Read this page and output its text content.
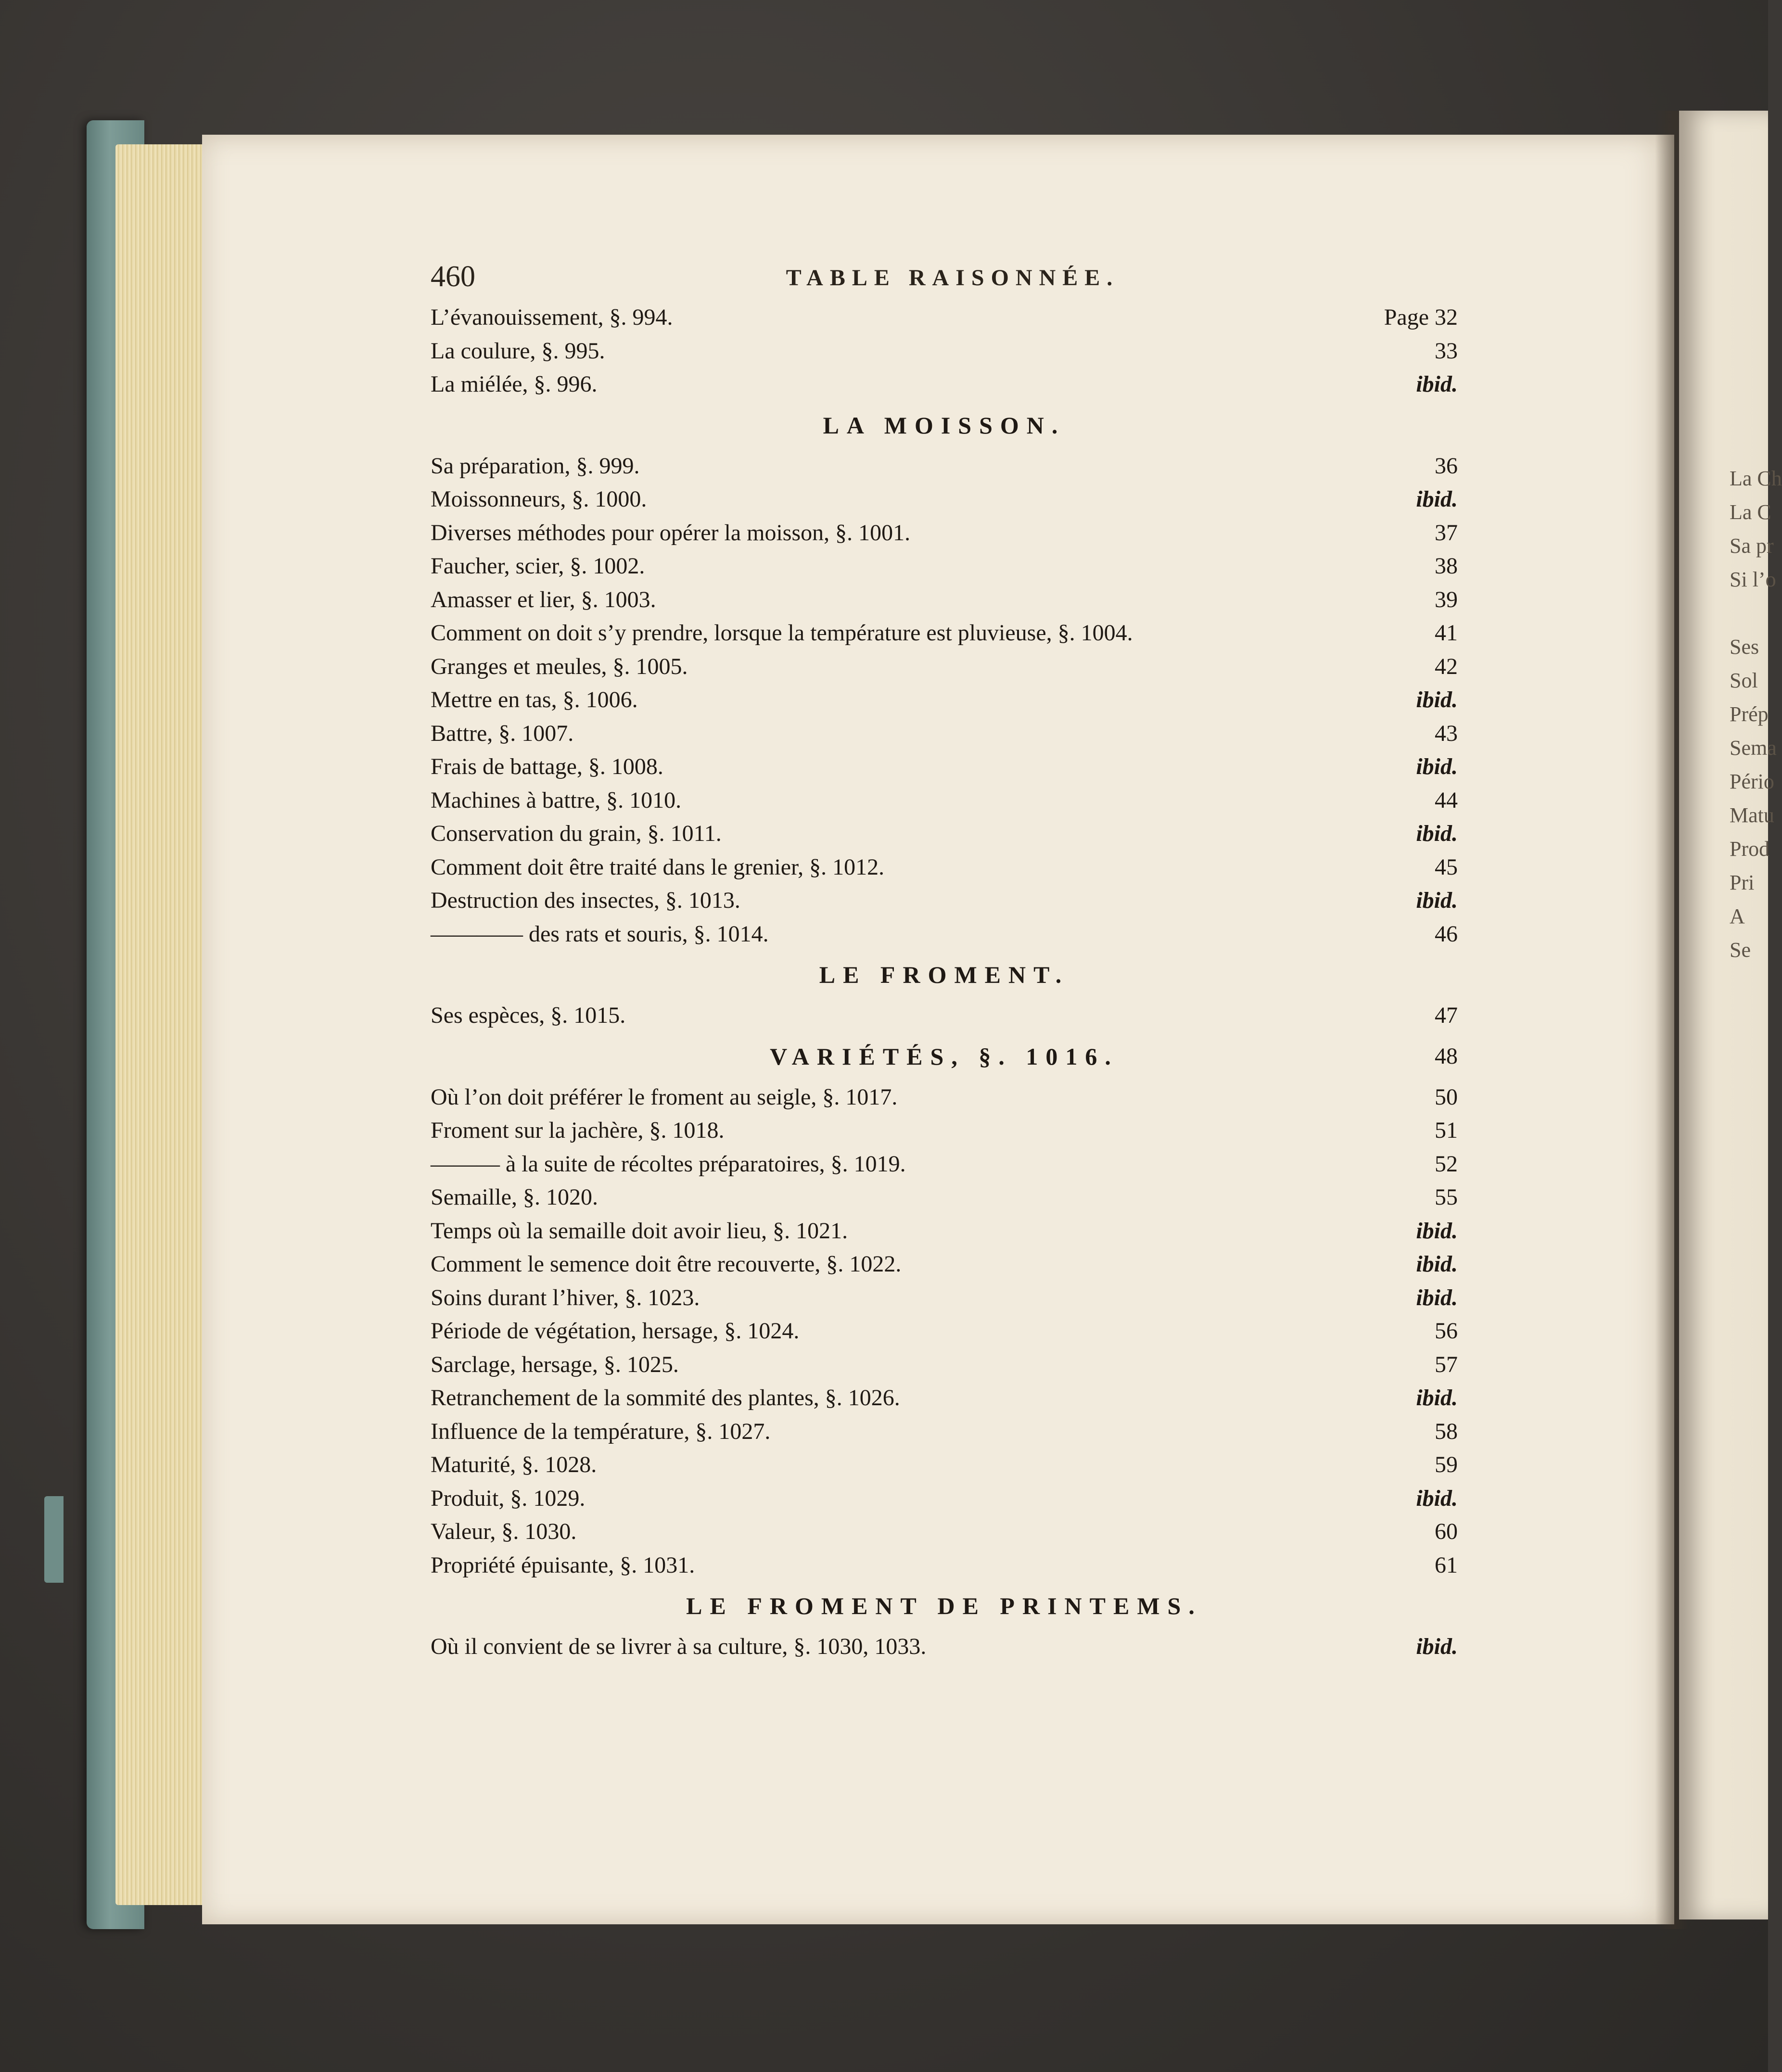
La Ch
La C
Sa pr
Si l’o

Ses
Sol
Prép
Sema
Pério
Matu
Prod
Pri
A
Se
460	TABLE RAISONNÉE.
L’évanouissement, §. 994.	Page 32
La coulure, §. 995.	33
La miélée, §. 996.	ibid.
LA MOISSON.
Sa préparation, §. 999.	36
Moissonneurs, §. 1000.	ibid.
Diverses méthodes pour opérer la moisson, §. 1001.	37
Faucher, scier, §. 1002.	38
Amasser et lier, §. 1003.	39
Comment on doit s’y prendre, lorsque la température est pluvieuse, §. 1004.	41
Granges et meules, §. 1005.	42
Mettre en tas, §. 1006.	ibid.
Battre, §. 1007.	43
Frais de battage, §. 1008.	ibid.
Machines à battre, §. 1010.	44
Conservation du grain, §. 1011.	ibid.
Comment doit être traité dans le grenier, §. 1012.	45
Destruction des insectes, §. 1013.	ibid.
———— des rats et souris, §. 1014.	46
LE FROMENT.
Ses espèces, §. 1015.	47
VARIÉTÉS, §. 1016.	48
Où l’on doit préférer le froment au seigle, §. 1017.	50
Froment sur la jachère, §. 1018.	51
——— à la suite de récoltes préparatoires, §. 1019.	52
Semaille, §. 1020.	55
Temps où la semaille doit avoir lieu, §. 1021.	ibid.
Comment le semence doit être recouverte, §. 1022.	ibid.
Soins durant l’hiver, §. 1023.	ibid.
Période de végétation, hersage, §. 1024.	56
Sarclage, hersage, §. 1025.	57
Retranchement de la sommité des plantes, §. 1026.	ibid.
Influence de la température, §. 1027.	58
Maturité, §. 1028.	59
Produit, §. 1029.	ibid.
Valeur, §. 1030.	60
Propriété épuisante, §. 1031.	61
LE FROMENT DE PRINTEMS.
Où il convient de se livrer à sa culture, §. 1030, 1033.	ibid.
